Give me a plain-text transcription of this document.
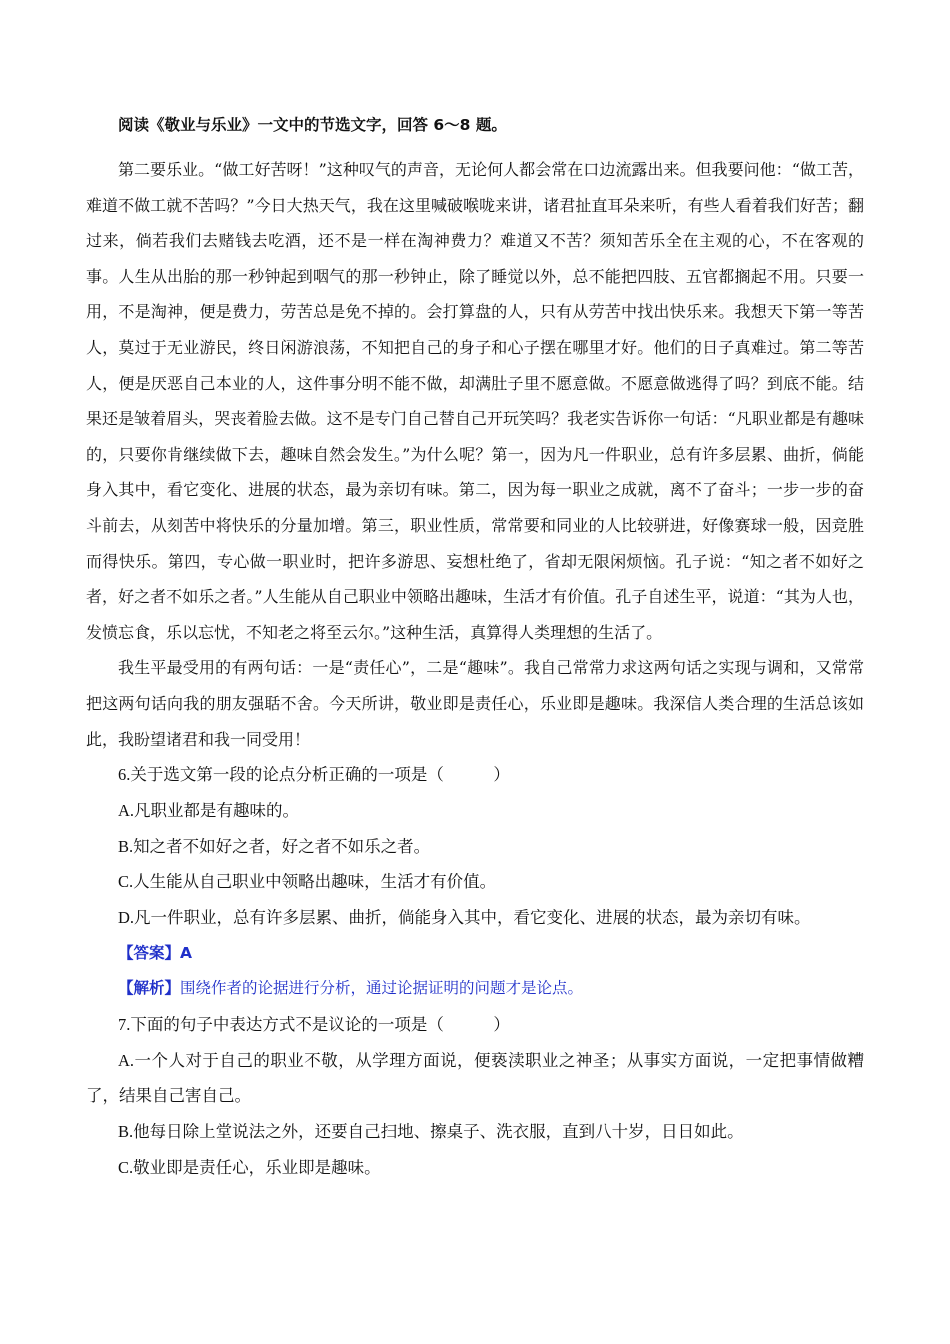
阅读《敬业与乐业》一文中的节选文字，回答 6～8 题。

第二要乐业。“做工好苦呀！”这种叹气的声音，无论何人都会常在口边流露出来。但我要问他：“做工苦，难道不做工就不苦吗？”今日大热天气，我在这里喊破喉咙来讲，诸君扯直耳朵来听，有些人看着我们好苦；翻过来，倘若我们去赌钱去吃酒，还不是一样在淘神费力？难道又不苦？须知苦乐全在主观的心，不在客观的事。人生从出胎的那一秒钟起到咽气的那一秒钟止，除了睡觉以外，总不能把四肢、五官都搁起不用。只要一用，不是淘神，便是费力，劳苦总是免不掉的。会打算盘的人，只有从劳苦中找出快乐来。我想天下第一等苦人，莫过于无业游民，终日闲游浪荡，不知把自己的身子和心子摆在哪里才好。他们的日子真难过。第二等苦人，便是厌恶自己本业的人，这件事分明不能不做，却满肚子里不愿意做。不愿意做逃得了吗？到底不能。结果还是皱着眉头，哭丧着脸去做。这不是专门自己替自己开玩笑吗？我老实告诉你一句话：“凡职业都是有趣味的，只要你肯继续做下去，趣味自然会发生。”为什么呢？第一，因为凡一件职业，总有许多层累、曲折，倘能身入其中，看它变化、进展的状态，最为亲切有味。第二，因为每一职业之成就，离不了奋斗；一步一步的奋斗前去，从刻苦中将快乐的分量加增。第三，职业性质，常常要和同业的人比较骈进，好像赛球一般，因竞胜而得快乐。第四，专心做一职业时，把许多游思、妄想杜绝了，省却无限闲烦恼。孔子说：“知之者不如好之者，好之者不如乐之者。”人生能从自己职业中领略出趣味，生活才有价值。孔子自述生平，说道：“其为人也，发愤忘食，乐以忘忧，不知老之将至云尔。”这种生活，真算得人类理想的生活了。

我生平最受用的有两句话：一是“责任心”，二是“趣味”。我自己常常力求这两句话之实现与调和，又常常把这两句话向我的朋友强聒不舍。今天所讲，敬业即是责任心，乐业即是趣味。我深信人类合理的生活总该如此，我盼望诸君和我一同受用！

6.关于选文第一段的论点分析正确的一项是（　　　）

A.凡职业都是有趣味的。

B.知之者不如好之者，好之者不如乐之者。

C.人生能从自己职业中领略出趣味，生活才有价值。

D.凡一件职业，总有许多层累、曲折，倘能身入其中，看它变化、进展的状态，最为亲切有味。

【答案】A

【解析】围绕作者的论据进行分析，通过论据证明的问题才是论点。

7.下面的句子中表达方式不是议论的一项是（　　　）

A.一个人对于自己的职业不敬，从学理方面说，便亵渎职业之神圣；从事实方面说，一定把事情做糟了，结果自己害自己。

B.他每日除上堂说法之外，还要自己扫地、擦桌子、洗衣服，直到八十岁，日日如此。

C.敬业即是责任心，乐业即是趣味。
